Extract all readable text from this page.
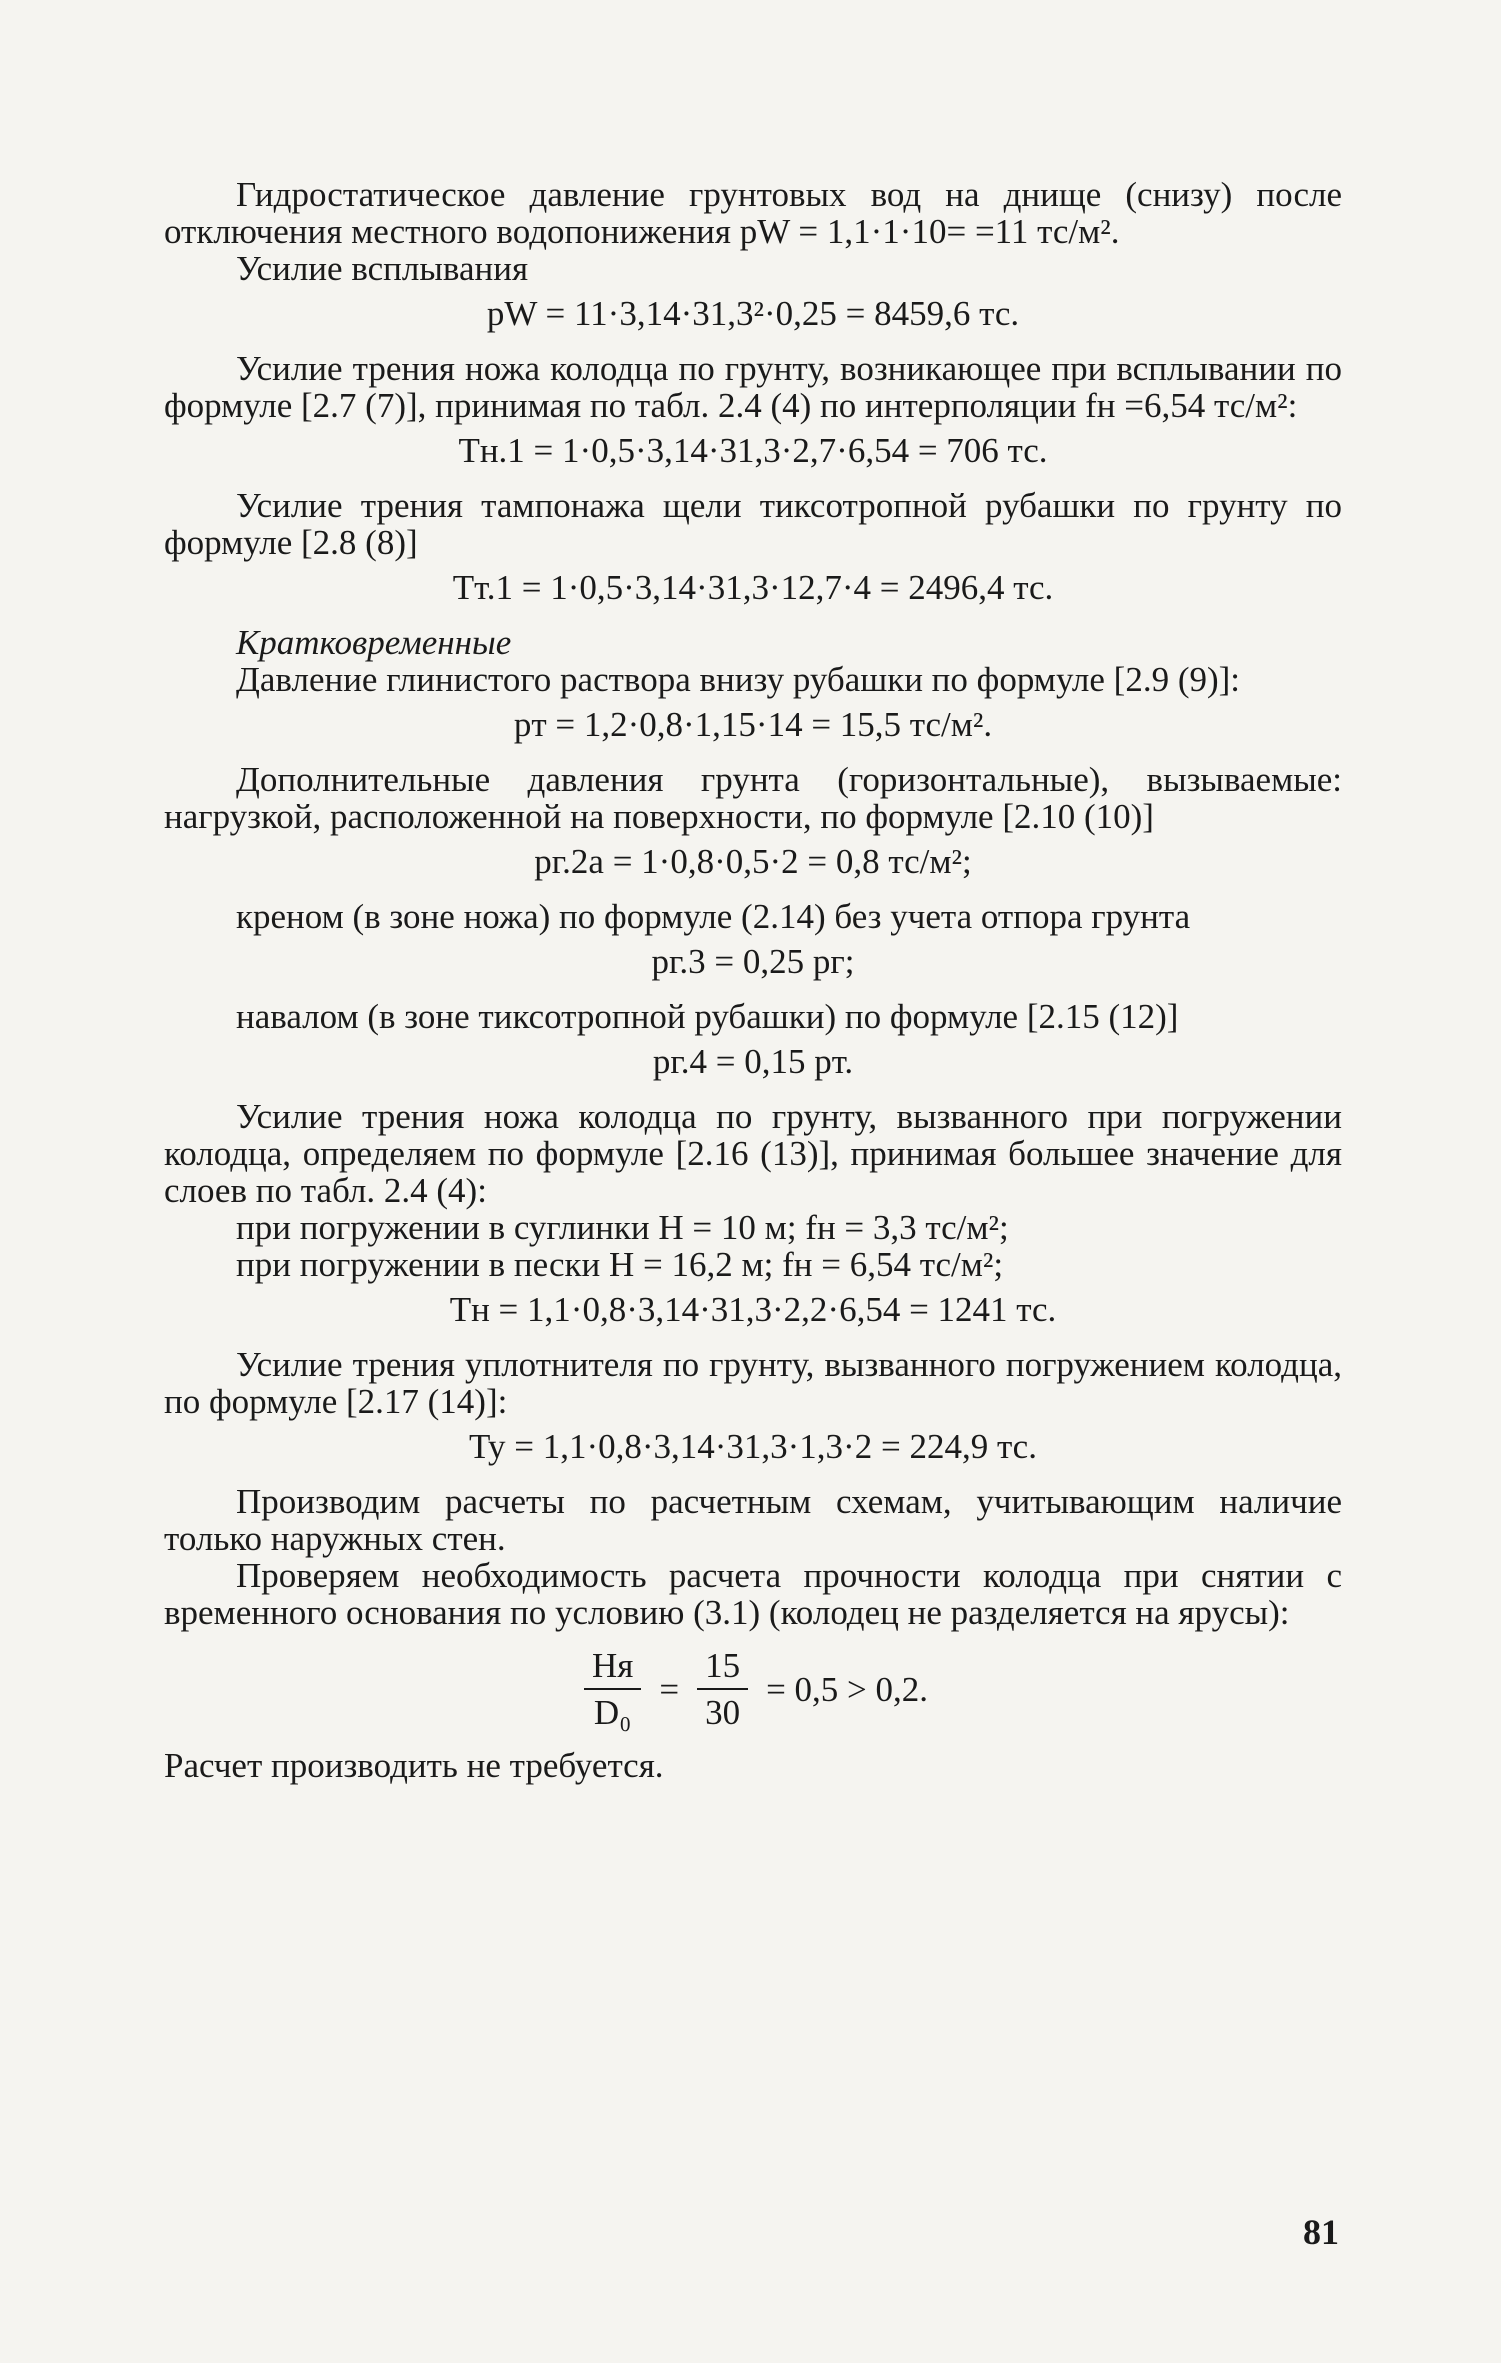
Гидростатическое давление грунтовых вод на днище (снизу) после отключения местного водопонижения pW = 1,1·1·10= =11 тс/м².

Усилие всплывания

pW = 11·3,14·31,3²·0,25 = 8459,6 тс.

Усилие трения ножа колодца по грунту, возникающее при всплывании по формуле [2.7 (7)], принимая по табл. 2.4 (4) по интерполяции fн =6,54 тс/м²:

Tн.1 = 1·0,5·3,14·31,3·2,7·6,54 = 706 тс.

Усилие трения тампонажа щели тиксотропной рубашки по грунту по формуле [2.8 (8)]

Tт.1 = 1·0,5·3,14·31,3·12,7·4 = 2496,4 тс.

Кратковременные

Давление глинистого раствора внизу рубашки по формуле [2.9 (9)]:

pт = 1,2·0,8·1,15·14 = 15,5 тс/м².

Дополнительные давления грунта (горизонтальные), вызываемые: нагрузкой, расположенной на поверхности, по формуле [2.10 (10)]

pг.2а = 1·0,8·0,5·2 = 0,8 тс/м²;

креном (в зоне ножа) по формуле (2.14) без учета отпора грунта

pг.3 = 0,25 pг;

навалом (в зоне тиксотропной рубашки) по формуле [2.15 (12)]

pг.4 = 0,15 pт.

Усилие трения ножа колодца по грунту, вызванного при погружении колодца, определяем по формуле [2.16 (13)], принимая большее значение для слоев по табл. 2.4 (4):

при погружении в суглинки H = 10 м; fн = 3,3 тс/м²;

при погружении в пески H = 16,2 м; fн = 6,54 тс/м²;

Tн = 1,1·0,8·3,14·31,3·2,2·6,54 = 1241 тс.

Усилие трения уплотнителя по грунту, вызванного погружением колодца, по формуле [2.17 (14)]:

Ty = 1,1·0,8·3,14·31,3·1,3·2 = 224,9 тс.

Производим расчеты по расчетным схемам, учитывающим наличие только наружных стен.

Проверяем необходимость расчета прочности колодца при снятии с временного основания по условию (3.1) (колодец не разделяется на ярусы):

$\frac{Hя}{\text{D₀}} = \frac{15}{30} = 0,5 > 0,2$.

Расчет производить не требуется.

81
